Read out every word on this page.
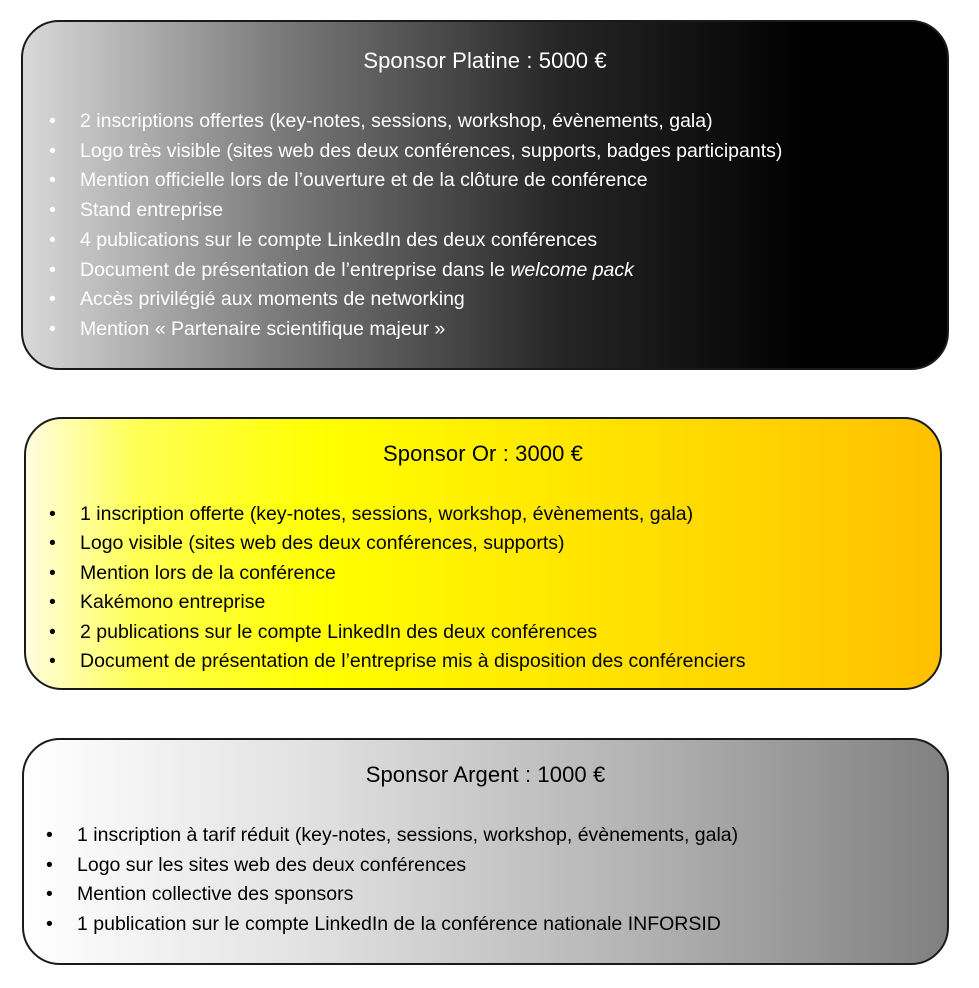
Sponsor Platine : 5000 €
• 2 inscriptions offertes (key-notes, sessions, workshop, évènements, gala)
• Logo très visible (sites web des deux conférences, supports, badges participants)
• Mention officielle lors de l’ouverture et de la clôture de conférence
• Stand entreprise
• 4 publications sur le compte LinkedIn des deux conférences
• Document de présentation de l’entreprise dans le welcome pack
• Accès privilégié aux moments de networking
• Mention « Partenaire scientifique majeur »
Sponsor Or : 3000 €
• 1 inscription offerte (key-notes, sessions, workshop, évènements, gala)
• Logo visible (sites web des deux conférences, supports)
• Mention lors de la conférence
• Kakémono entreprise
• 2 publications sur le compte LinkedIn des deux conférences
• Document de présentation de l’entreprise mis à disposition des conférenciers
Sponsor Argent : 1000 €
• 1 inscription à tarif réduit (key-notes, sessions, workshop, évènements, gala)
• Logo sur les sites web des deux conférences
• Mention collective des sponsors
• 1 publication sur le compte LinkedIn de la conférence nationale INFORSID
